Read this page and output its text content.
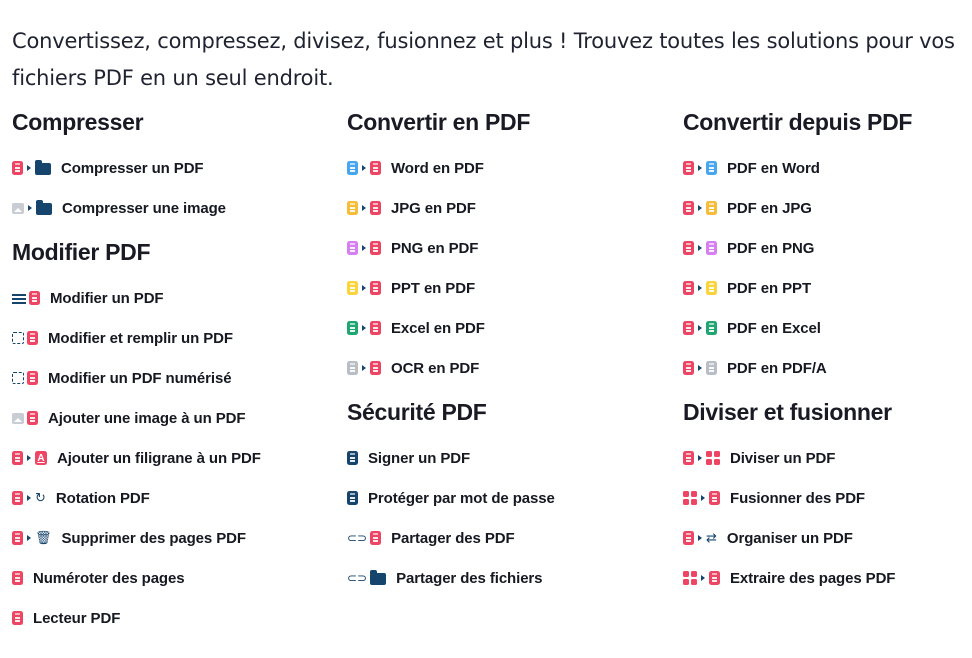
Convertissez, compressez, divisez, fusionnez et plus ! Trouvez toutes les solutions pour vos fichiers PDF en un seul endroit.

Compresser
Compresser un PDF
Compresser une image
Modifier PDF
Modifier un PDF
Modifier et remplir un PDF
Modifier un PDF numérisé
Ajouter une image à un PDF
A Ajouter un filigrane à un PDF
↻ Rotation PDF
🗑 Supprimer des pages PDF
Numéroter des pages
Lecteur PDF
Convertir en PDF
Word en PDF
JPG en PDF
PNG en PDF
PPT en PDF
Excel en PDF
OCR en PDF
Sécurité PDF
Signer un PDF
Protéger par mot de passe
⊂⊃ Partager des PDF
⊂⊃ Partager des fichiers
Convertir depuis PDF
PDF en Word
PDF en JPG
PDF en PNG
PDF en PPT
PDF en Excel
PDF en PDF/A
Diviser et fusionner
Diviser un PDF
Fusionner des PDF
⇄ Organiser un PDF
Extraire des pages PDF
